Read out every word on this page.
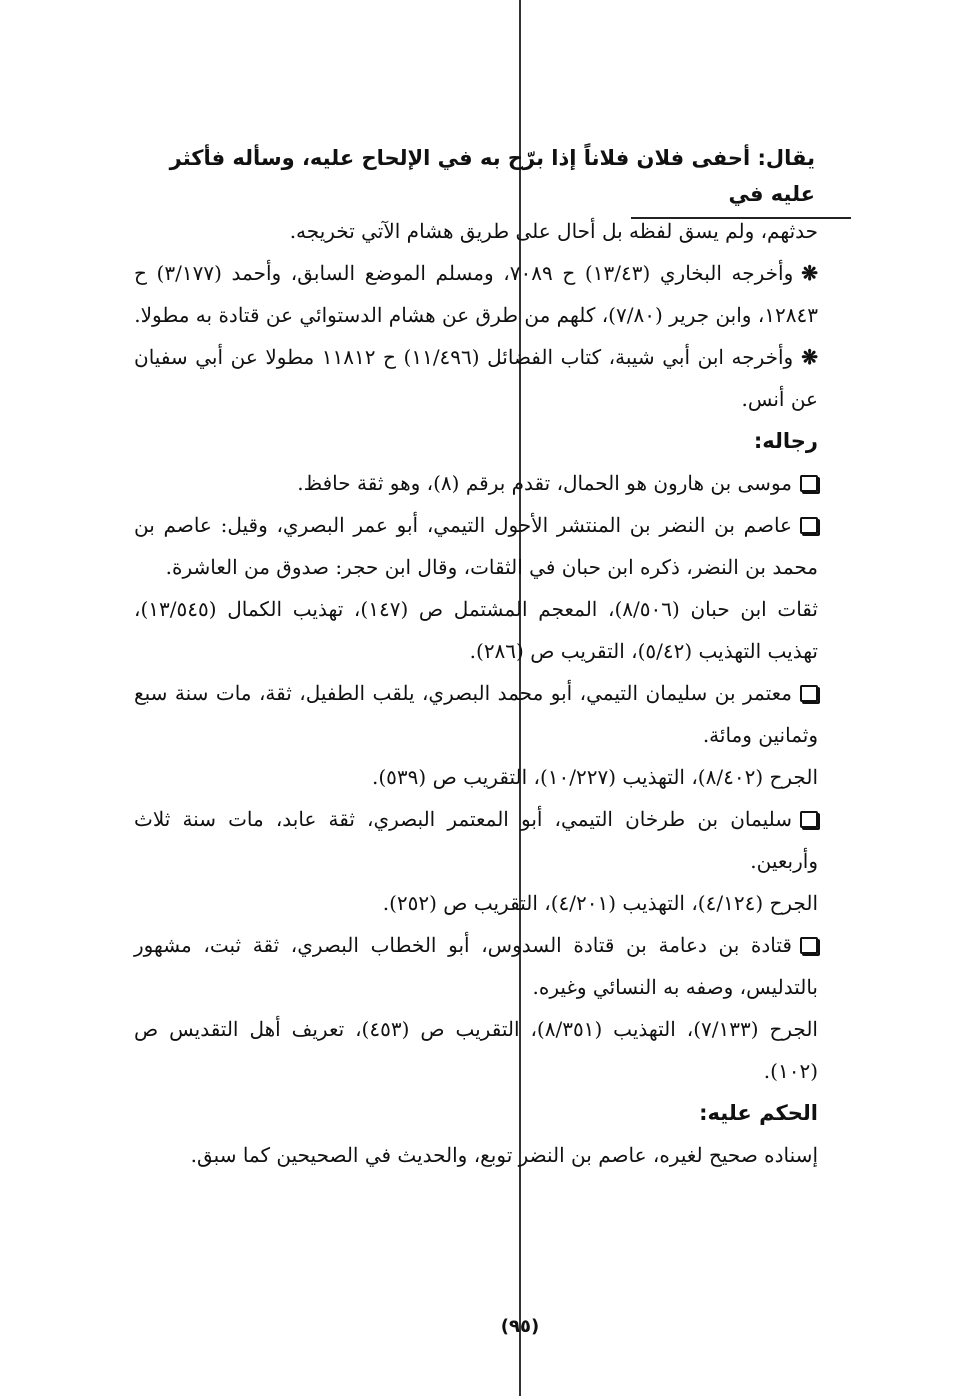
يقال: أحفى فلان فلاناً إذا برّح به في الإلحاح عليه، وسأله فأكثر عليه في

حدثهم، ولم يسق لفظه بل أحال على طريق هشام الآتي تخريجه.

❋وأخرجه البخاري (١٣/٤٣) ح ٧٠٨٩، ومسلم الموضع السابق، وأحمد (٣/١٧٧) ح ١٢٨٤٣، وابن جرير (٧/٨٠)، كلهم من طرق عن هشام الدستوائي عن قتادة به مطولا.

❋وأخرجه ابن أبي شيبة، كتاب الفضائل (١١/٤٩٦) ح ١١٨١٢ مطولا عن أبي سفيان عن أنس.

رجاله:

موسى بن هارون هو الحمال، تقدم برقم (٨)، وهو ثقة حافظ.

عاصم بن النضر بن المنتشر الأحول التيمي، أبو عمر البصري، وقيل: عاصم بن محمد بن النضر، ذكره ابن حبان في الثقات، وقال ابن حجر: صدوق من العاشرة.

ثقات ابن حبان (٨/٥٠٦)، المعجم المشتمل ص (١٤٧)، تهذيب الكمال (١٣/٥٤٥)، تهذيب التهذيب (٥/٤٢)، التقريب ص (٢٨٦).

معتمر بن سليمان التيمي، أبو محمد البصري، يلقب الطفيل، ثقة، مات سنة سبع وثمانين ومائة.

الجرح (٨/٤٠٢)، التهذيب (١٠/٢٢٧)، التقريب ص (٥٣٩).

سليمان بن طرخان التيمي، أبو المعتمر البصري، ثقة عابد، مات سنة ثلاث وأربعين.

الجرح (٤/١٢٤)، التهذيب (٤/٢٠١)، التقريب ص (٢٥٢).

قتادة بن دعامة بن قتادة السدوس، أبو الخطاب البصري، ثقة ثبت، مشهور بالتدليس، وصفه به النسائي وغيره.

الجرح (٧/١٣٣)، التهذيب (٨/٣٥١)، التقريب ص (٤٥٣)، تعريف أهل التقديس ص (١٠٢).

الحكم عليه:

إسناده صحيح لغيره، عاصم بن النضر توبع، والحديث في الصحيحين كما سبق.

(٩٥)
